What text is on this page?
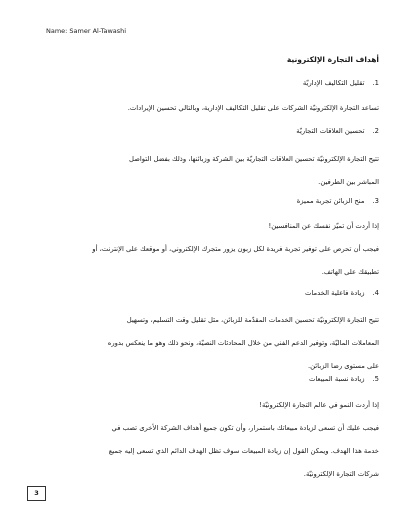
Name: Samer Al-Tawashi
أهداف التجارة الإلكترونية
1.تقليل التكاليف الإداريّة
تساعد التجارة الإلكترونيّة الشركات على تقليل التكاليف الإدارية، وبالتالي تحسين الإيرادات.
2.تحسين العلاقات التجاريّة
تتيح التجارة الإلكترونيّة تحسين العلاقات التجاريّة بين الشركة وزبائنها، وذلك بفضل التواصل
المباشر بين الطرفين.
3.منح الزبائن تجربة مميزة
إذا أردت أن تميّز نفسك عن المنافسين!
فيجب أن تحرص على توفير تجربة فريدة لكل زبون يزور متجرك الإلكتروني، أو موقعك على الإنترنت، أو
تطبيقك على الهاتف.
4.زيادة فاعلية الخدمات
تتيح التجارة الإلكترونيّة تحسين الخدمات المقدّمة للزبائن، مثل تقليل وقت التسليم، وتسهيل
المعاملات الماليّة، وتوفير الدعم الفني من خلال المحادثات النصيّة، ونحو ذلك وهو ما ينعكس بدوره
على مستوى رضا الزبائن.
5.زيادة نسبة المبيعات
إذا أردت النمو في عالم التجارة الإلكترونيّة!
فيجب عليك أن تسعى لزيادة مبيعاتك باستمرار، وأن تكون جميع أهداف الشركة الأخرى تصب في
خدمة هذا الهدف. ويمكن القول إن زيادة المبيعات سوف تظل الهدف الدائم الذي تسعى إليه جميع
شركات التجارة الإلكترونيّة.
3
